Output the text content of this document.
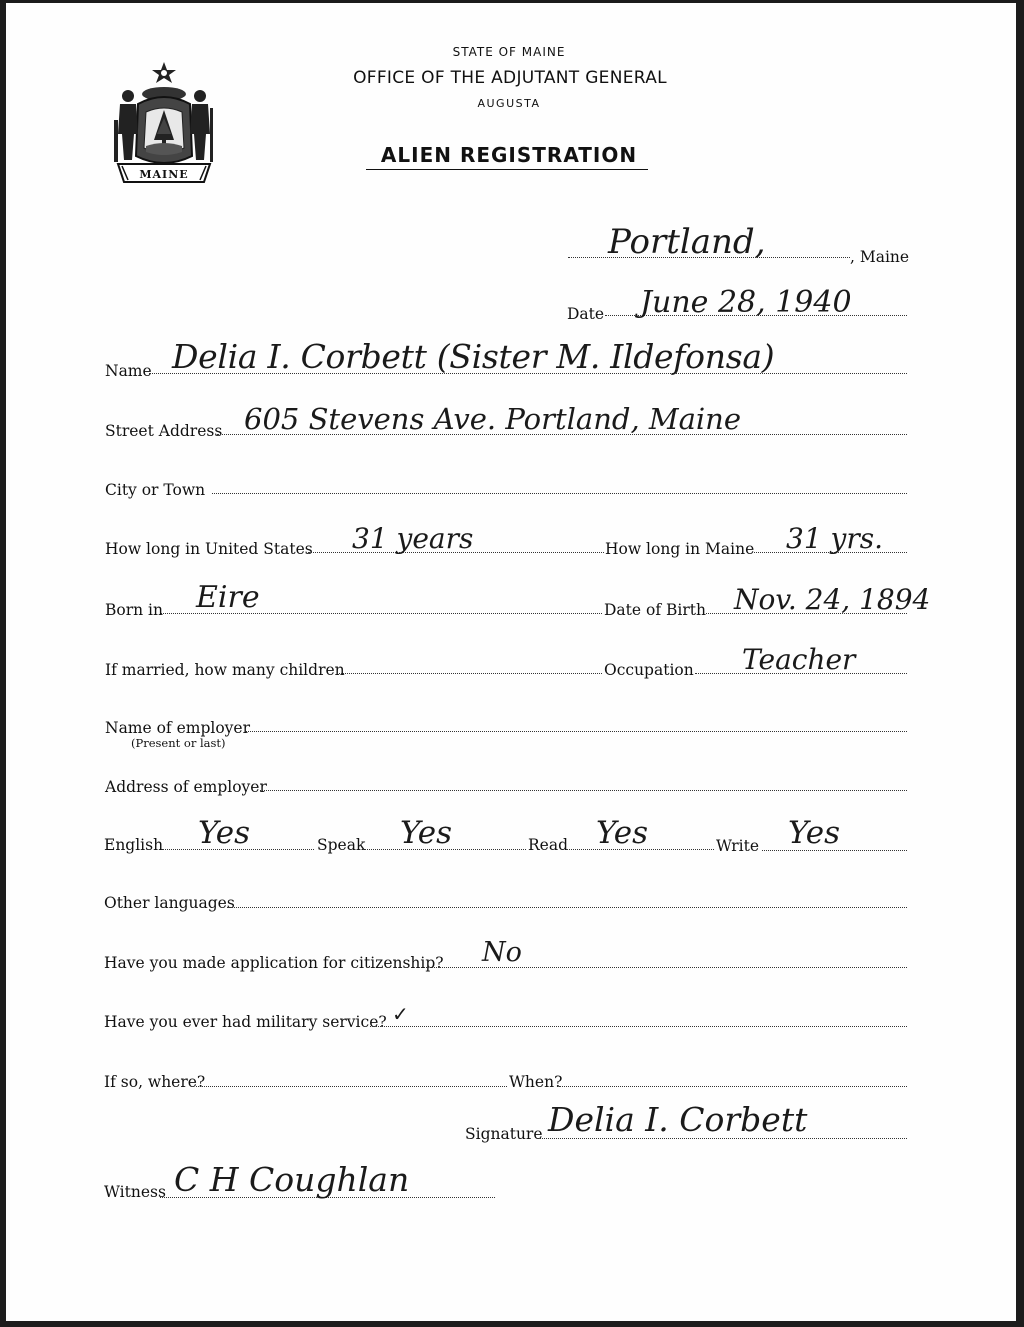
STATE OF MAINE
OFFICE OF THE ADJUTANT GENERAL
AUGUSTA
ALIEN REGISTRATION
MAINE
, Maine
Portland,
Date June 28, 1940
Name Delia I. Corbett (Sister M. Ildefonsa)
Street Address 605 Stevens Ave. Portland, Maine
City or Town
How long in United States 31 years	How long in Maine 31 yrs.
Born in Eire	Date of Birth Nov. 24, 1894
If married, how many children	Occupation Teacher
Name of employer
(Present or last)
Address of employer
English Yes	Speak Yes	Read Yes	Write Yes
Other languages
Have you made application for citizenship? No
Have you ever had military service? ✓
If so, where?	When?
Signature Delia I. Corbett
Witness C H Coughlan
